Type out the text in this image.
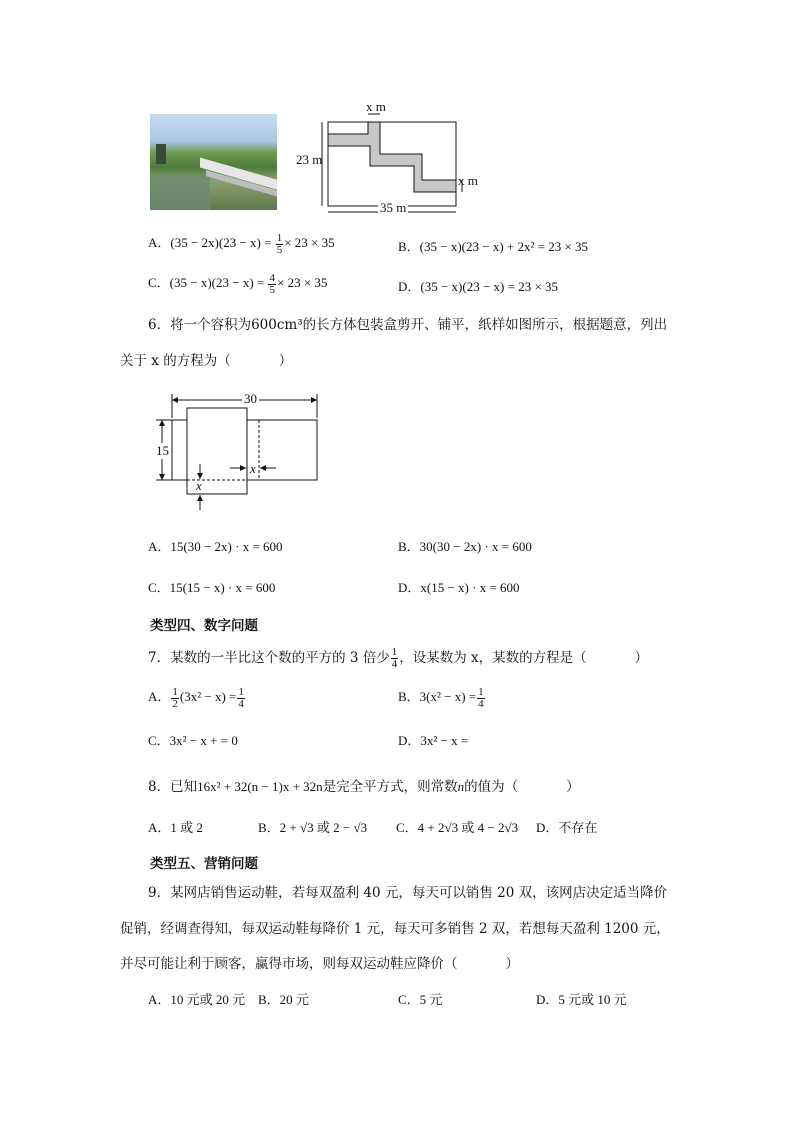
x m
23 m
x m
35 m
A．$(35 - 2x)(23 - x) = \frac{1}{5} \times 23 \times 35$	B．(35 − x)(23 − x) + 2x² = 23 × 35
C．$(35 - x)(23 - x) = \frac{4}{5} \times 23 \times 35$	D．(35 − x)(23 − x) = 23 × 35
6．将一个容积为600cm³的长方体包装盒剪开、铺平，纸样如图所示，根据题意，列出
关于 x 的方程为（	）
30
15
x
x
A．15(30 − 2x) · x = 600	B．30(30 − 2x) · x = 600
C．15(15 − x) · x = 600	D．x(15 − x) · x = 600
类型四、数字问题
7．某数的一半比这个数的平方的 3 倍少 $\frac{1}{4}$ ，设某数为 x，某数的方程是（	）
A． $\frac{1}{2} (3x^2 - x) = \frac{1}{4}$	B．$3(x^2 - x) = \frac{1}{4}$
C．3x² − x + = 0	D．3x² − x =
8．已知16x² + 32(n − 1)x + 32n是完全平方式，则常数n的值为（	）
A．1 或 2	B．2 + √3 或 2 − √3 C．4 + 2√3 或 4 − 2√3 D．不存在
类型五、营销问题
9．某网店销售运动鞋，若每双盈利 40 元，每天可以销售 20 双，该网店决定适当降价
促销，经调查得知，每双运动鞋每降价 1 元，每天可多销售 2 双，若想每天盈利 1200 元，
并尽可能让利于顾客，赢得市场，则每双运动鞋应降价（	）
A．10 元或 20 元 B．20 元	C．5 元	D．5 元或 10 元
